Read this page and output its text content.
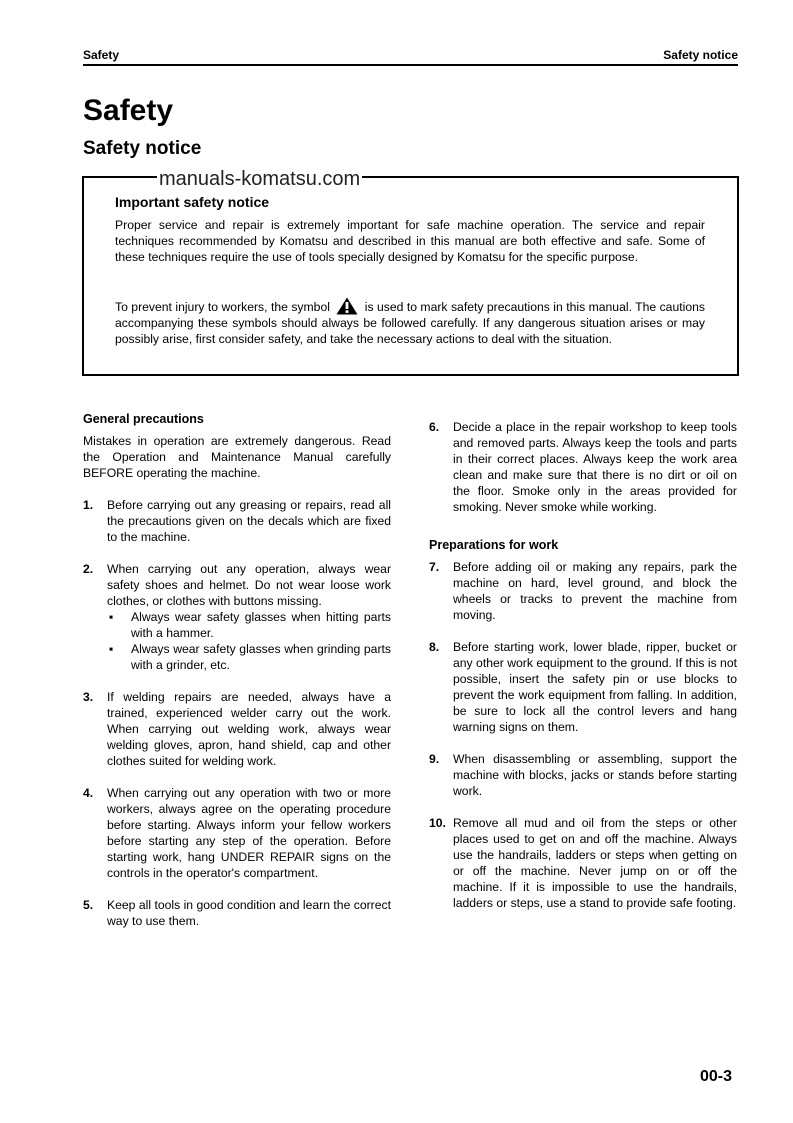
Safety	Safety notice
Safety
Safety notice
manuals-komatsu.com
Important safety notice
Proper service and repair is extremely important for safe machine operation. The service and repair techniques recommended by Komatsu and described in this manual are both effective and safe. Some of these techniques require the use of tools specially designed by Komatsu for the specific purpose.
To prevent injury to workers, the symbol	is used to mark safety precautions in this manual. The cautions accompanying these symbols should always be followed carefully. If any dangerous situation arises or may possibly arise, first consider safety, and take the necessary actions to deal with the situation.
General precautions
Mistakes in operation are extremely dangerous. Read the Operation and Maintenance Manual carefully BEFORE operating the machine.
1. Before carrying out any greasing or repairs, read all the precautions given on the decals which are fixed to the machine.
2. When carrying out any operation, always wear safety shoes and helmet. Do not wear loose work clothes, or clothes with buttons missing.
▪ Always wear safety glasses when hitting parts with a hammer.
▪ Always wear safety glasses when grinding parts with a grinder, etc.
3. If welding repairs are needed, always have a trained, experienced welder carry out the work. When carrying out welding work, always wear welding gloves, apron, hand shield, cap and other clothes suited for welding work.
4. When carrying out any operation with two or more workers, always agree on the operating procedure before starting. Always inform your fellow workers before starting any step of the operation. Before starting work, hang UNDER REPAIR signs on the controls in the operator's compartment.
5. Keep all tools in good condition and learn the correct way to use them.
6. Decide a place in the repair workshop to keep tools and removed parts. Always keep the tools and parts in their correct places. Always keep the work area clean and make sure that there is no dirt or oil on the floor. Smoke only in the areas provided for smoking. Never smoke while working.
Preparations for work
7. Before adding oil or making any repairs, park the machine on hard, level ground, and block the wheels or tracks to prevent the machine from moving.
8. Before starting work, lower blade, ripper, bucket or any other work equipment to the ground. If this is not possible, insert the safety pin or use blocks to prevent the work equipment from falling. In addition, be sure to lock all the control levers and hang warning signs on them.
9. When disassembling or assembling, support the machine with blocks, jacks or stands before starting work.
10. Remove all mud and oil from the steps or other places used to get on and off the machine. Always use the handrails, ladders or steps when getting on or off the machine. Never jump on or off the machine. If it is impossible to use the handrails, ladders or steps, use a stand to provide safe footing.
00-3
